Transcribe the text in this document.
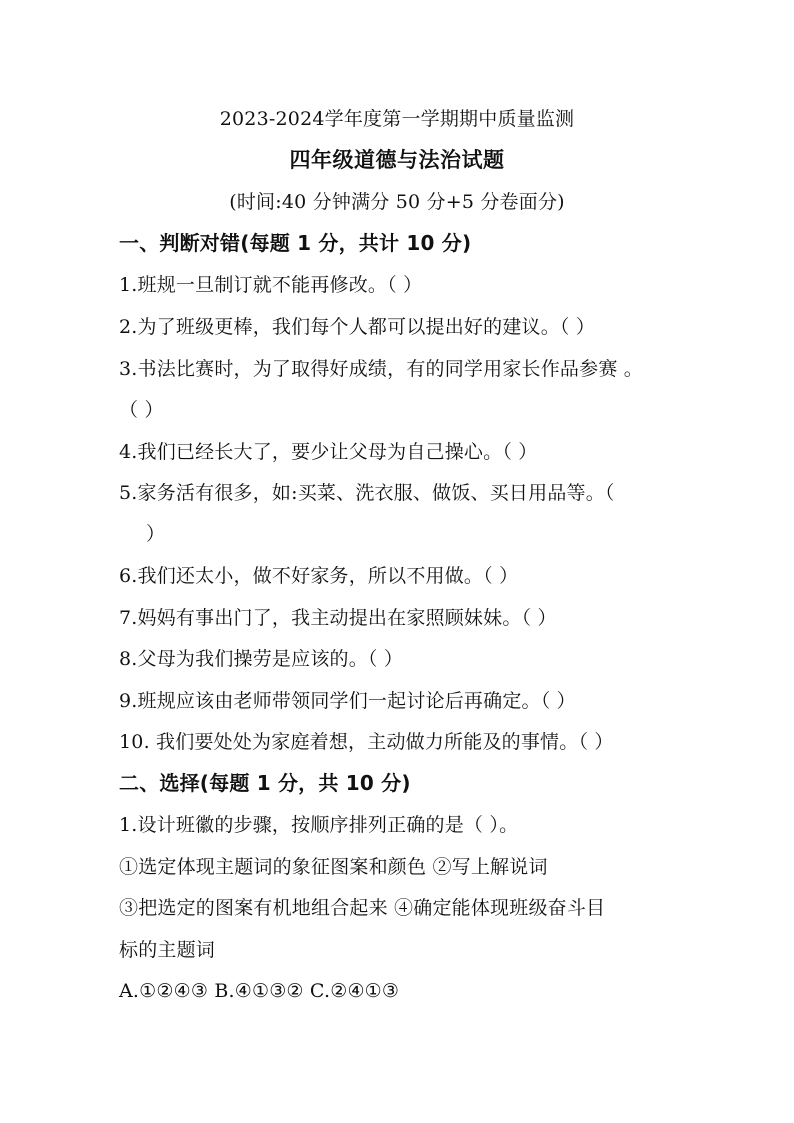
2023-2024学年度第一学期期中质量监测
四年级道德与法治试题
(时间:40 分钟满分 50 分+5 分卷面分)
一、判断对错(每题 1 分，共计 10 分)
1.班规一旦制订就不能再修改。（ ）
2.为了班级更棒，我们每个人都可以提出好的建议。（ ）
3.书法比赛时，为了取得好成绩，有的同学用家长作品参赛 。
（ ）
4.我们已经长大了，要少让父母为自己操心。（ ）
5.家务活有很多，如:买菜、洗衣服、做饭、买日用品等。（
）
6.我们还太小，做不好家务，所以不用做。（ ）
7.妈妈有事出门了，我主动提出在家照顾妹妹。（ ）
8.父母为我们操劳是应该的。（ ）
9.班规应该由老师带领同学们一起讨论后再确定。（ ）
10. 我们要处处为家庭着想，主动做力所能及的事情。（ ）
二、选择(每题 1 分，共 10 分)
1.设计班徽的步骤，按顺序排列正确的是（ ）。
①选定体现主题词的象征图案和颜色 ②写上解说词
③把选定的图案有机地组合起来 ④确定能体现班级奋斗目
标的主题词
A.①②④③ B.④①③② C.②④①③
